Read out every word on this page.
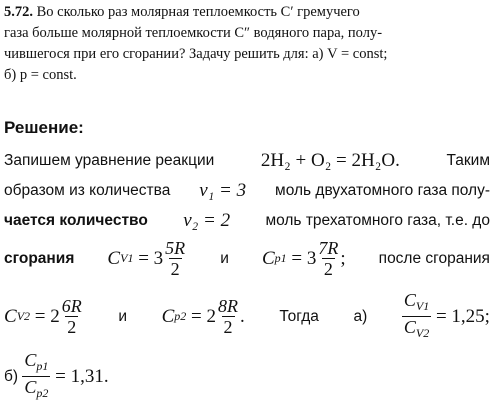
5.72. Во сколько раз молярная теплоемкость C′ гремучего
газа больше молярной теплоемкости C″ водяного пара, полу-
чившегося при его сгорании? Задачу решить для: а) V = const;
б) p = const.
Решение:
Запишем уравнение реакции 2H₂ + O₂ = 2H₂O.	Таким
образом из количества ν₁ = 3 моль двухатомного газа полу-
чается количество ν₂ = 2 моль трехатомного газа, т.е. до
сгорания C V1
=
$3 \frac{5R}{2}$ и C p1
=
$3 \frac{7R}{2}$ ; после сгорания
C V2
=
$2 \frac{6R}{2}$ и C p2
=
$2 \frac{8R}{2}$ . Тогда $а) \frac{C_{V1}}{C_{V2}}$
= 1,25 ;
б)
$\frac{C_{p1}}{C_{p2}}$
= 1,31 .
